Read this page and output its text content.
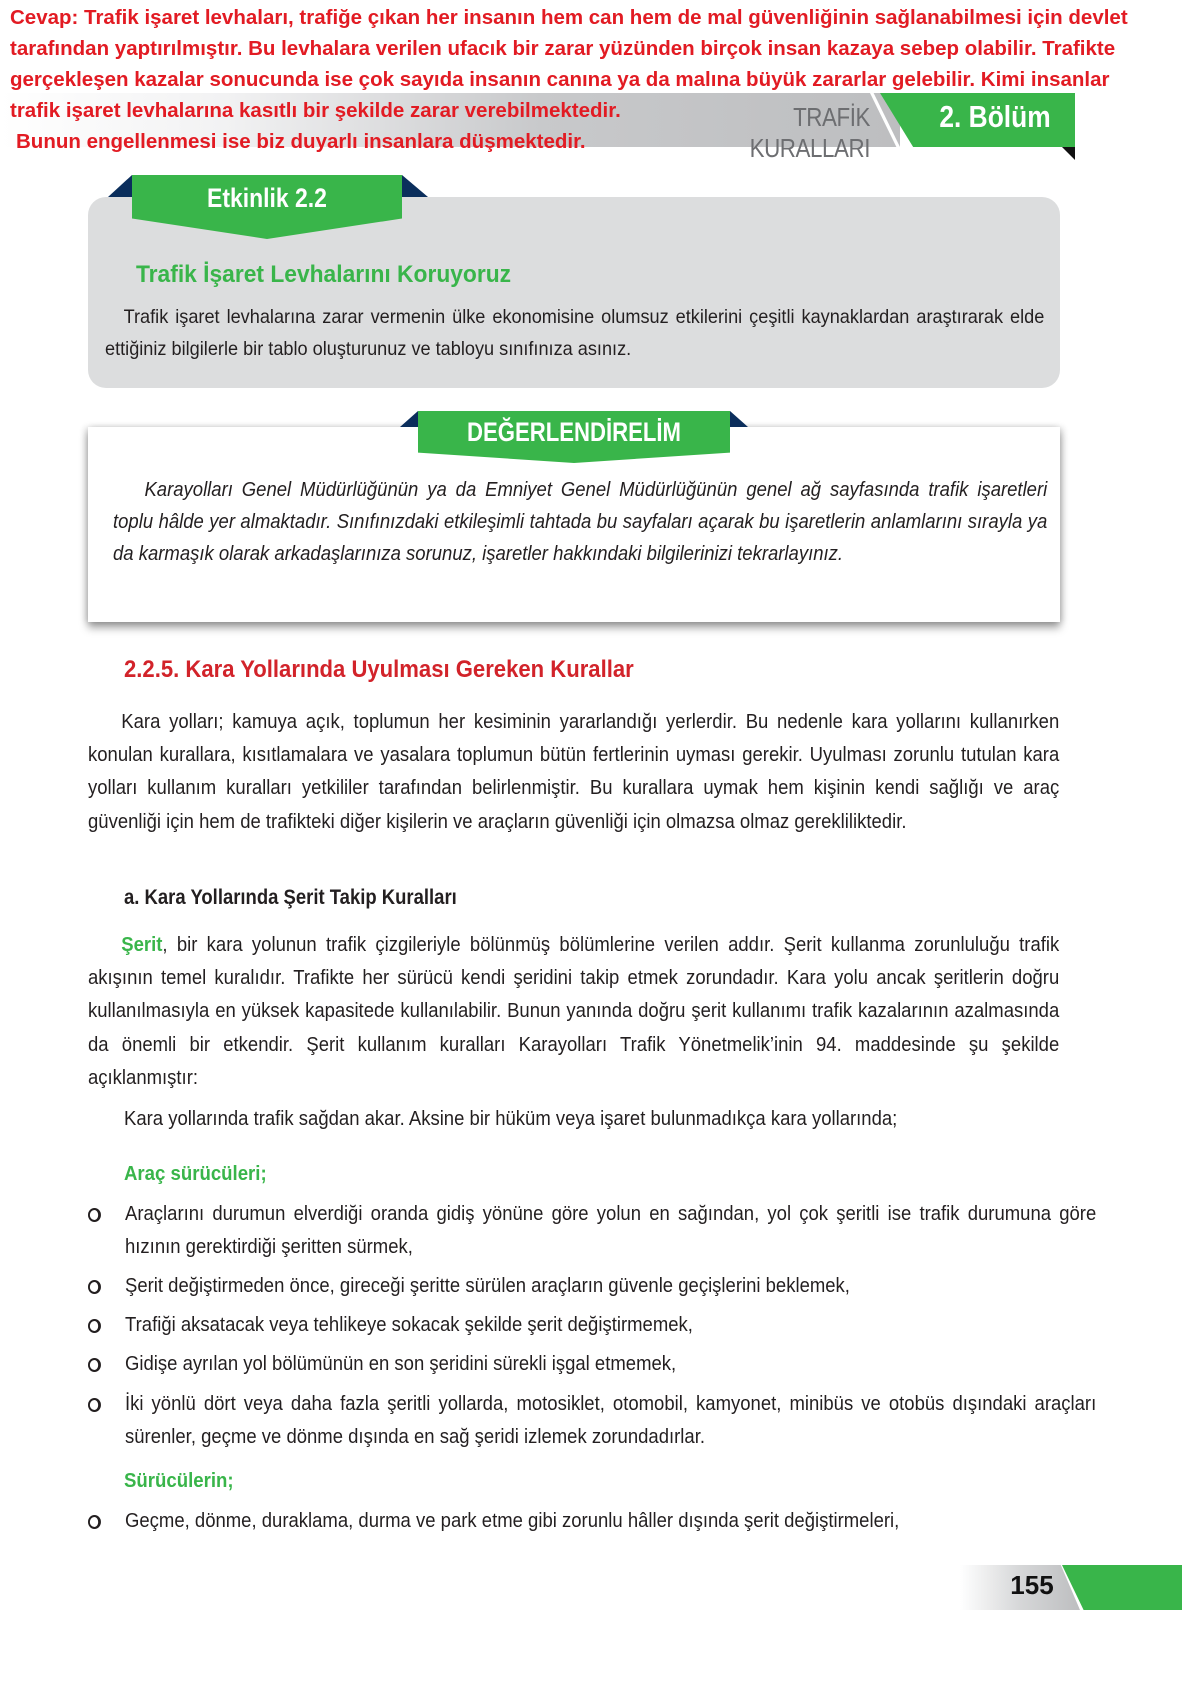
TRAFİK KURALLARI
2. Bölüm
Cevap: Trafik işaret levhaları, trafiğe çıkan her insanın hem can hem de mal güvenliğinin sağlanabilmesi için devlet
tarafından yaptırılmıştır. Bu levhalara verilen ufacık bir zarar yüzünden birçok insan kazaya sebep olabilir. Trafikte
gerçekleşen kazalar sonucunda ise çok sayıda insanın canına ya da malına büyük zararlar gelebilir. Kimi insanlar
trafik işaret levhalarına kasıtlı bir şekilde zarar verebilmektedir.
Bunun engellenmesi ise biz duyarlı insanlara düşmektedir.
Etkinlik 2.2
Trafik İşaret Levhalarını Koruyoruz
Trafik işaret levhalarına zarar vermenin ülke ekonomisine olumsuz etkilerini çeşitli kaynaklardan araştırarak elde ettiğiniz bilgilerle bir tablo oluşturunuz ve tabloyu sınıfınıza asınız.
DEĞERLENDİRELİM
Karayolları Genel Müdürlüğünün ya da Emniyet Genel Müdürlüğünün genel ağ sayfasında trafik işaretleri toplu hâlde yer almaktadır. Sınıfınızdaki etkileşimli tahtada bu sayfaları açarak bu işaretlerin anlamlarını sırayla ya da karmaşık olarak arkadaşlarınıza sorunuz, işaretler hakkındaki bilgilerinizi tekrarlayınız.
2.2.5. Kara Yollarında Uyulması Gereken Kurallar
Kara yolları; kamuya açık, toplumun her kesiminin yararlandığı yerlerdir. Bu nedenle kara yollarını kullanırken konulan kurallara, kısıtlamalara ve yasalara toplumun bütün fertlerinin uyması gerekir. Uyulması zorunlu tutulan kara yolları kullanım kuralları yetkililer tarafından belirlenmiştir. Bu kurallara uymak hem kişinin kendi sağlığı ve araç güvenliği için hem de trafikteki diğer kişilerin ve araçların güvenliği için olmazsa olmaz gerekliliktedir.
a. Kara Yollarında Şerit Takip Kuralları
Şerit, bir kara yolunun trafik çizgileriyle bölünmüş bölümlerine verilen addır. Şerit kullanma zorunluluğu trafik akışının temel kuralıdır. Trafikte her sürücü kendi şeridini takip etmek zorundadır. Kara yolu ancak şeritlerin doğru kullanılmasıyla en yüksek kapasitede kullanılabilir. Bunun yanında doğru şerit kullanımı trafik kazalarının azalmasında da önemli bir etkendir. Şerit kullanım kuralları Karayolları Trafik Yönetmelik’inin 94. maddesinde şu şekilde açıklanmıştır:
Kara yollarında trafik sağdan akar. Aksine bir hüküm veya işaret bulunmadıkça kara yollarında;
Araç sürücüleri;
Araçlarını durumun elverdiği oranda gidiş yönüne göre yolun en sağından, yol çok şeritli ise trafik durumuna göre hızının gerektirdiği şeritten sürmek,
Şerit değiştirmeden önce, gireceği şeritte sürülen araçların güvenle geçişlerini beklemek,
Trafiği aksatacak veya tehlikeye sokacak şekilde şerit değiştirmemek,
Gidişe ayrılan yol bölümünün en son şeridini sürekli işgal etmemek,
İki yönlü dört veya daha fazla şeritli yollarda, motosiklet, otomobil, kamyonet, minibüs ve otobüs dışındaki araçları sürenler, geçme ve dönme dışında en sağ şeridi izlemek zorundadırlar.
Sürücülerin;
Geçme, dönme, duraklama, durma ve park etme gibi zorunlu hâller dışında şerit değiştirmeleri,
155
